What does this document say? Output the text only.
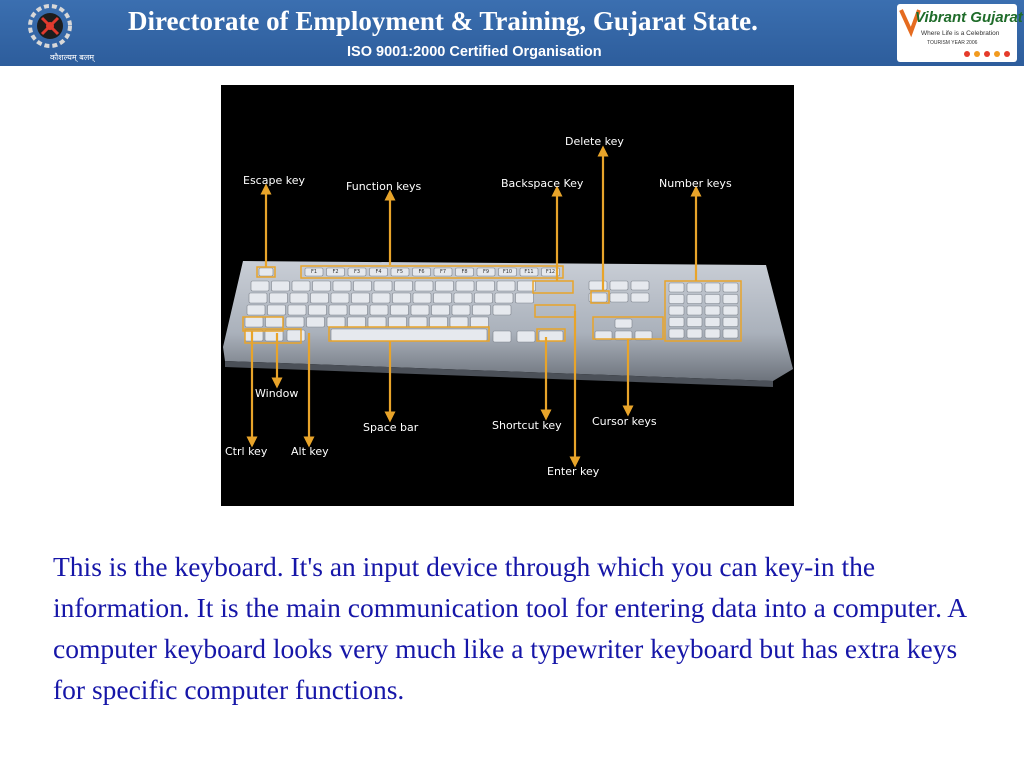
कौशल्यम् बलम्
Directorate of Employment & Training, Gujarat State.
ISO 9001:2000 Certified Organisation
Vibrant Gujarat
Where Life is a Celebration
TOURISM YEAR 2006
F1	F2	F3	F4	F5	F6	F7	F8	F9	F10 F11 F12
Escape key	Function keys	Backspace Key
Delete key
Number keys
Window
Ctrl key Alt key
Space bar	Shortcut key
Enter key
Cursor keys
This is the keyboard. It's an input device through which you can key-in the information. It is the main communication tool for entering data into a computer. A computer keyboard looks very much like a typewriter keyboard but has extra keys for specific computer functions.
